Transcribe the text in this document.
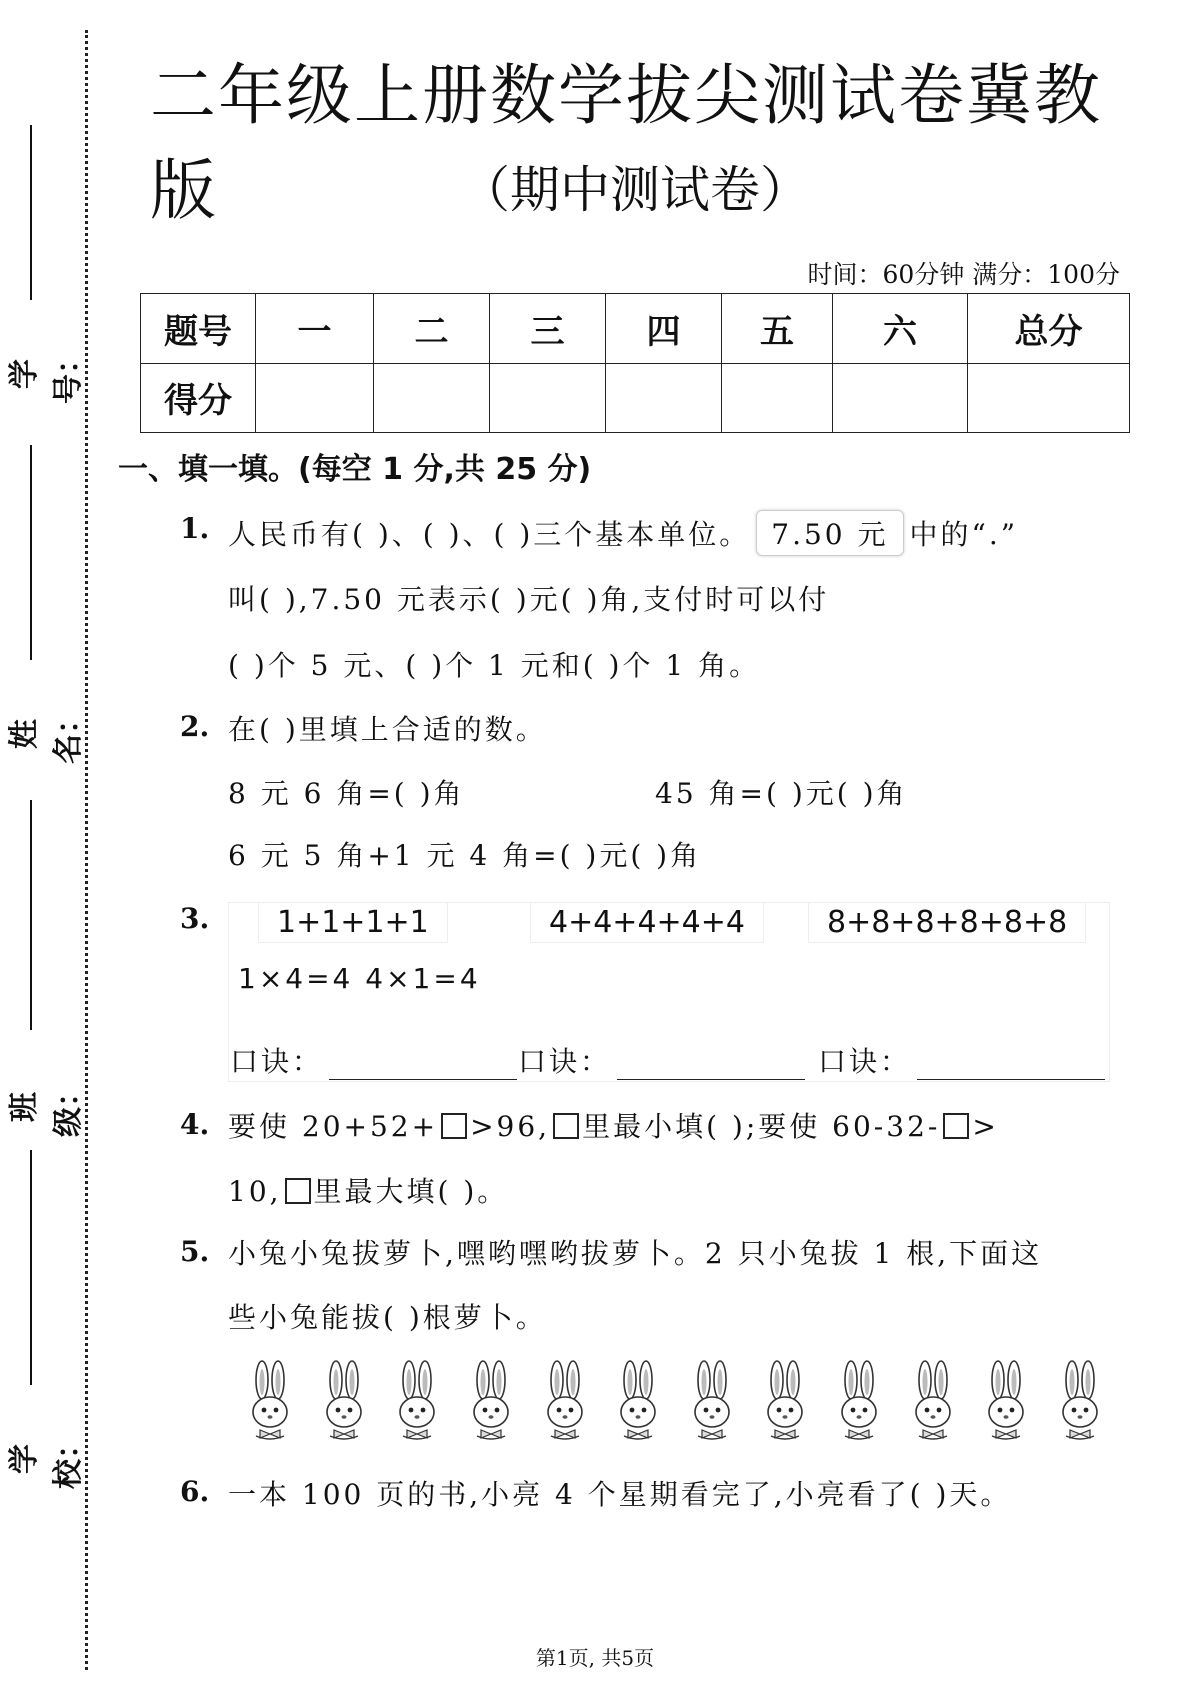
学号：
姓名：
班级：
学校：
二年级上册数学拔尖测试卷冀教版	（期中测试卷）
时间：60分钟 满分：100分
题号	一	二	三	四	五	六	总分
得分							
一、填一填。(每空 1 分,共 25 分)
1. 人民币有( )、( )、( )三个基本单位。 7.50 元 中的“.”
叫( ),7.50 元表示( )元( )角,支付时可以付
( )个 5 元、( )个 1 元和( )个 1 角。
2. 在( )里填上合适的数。
8 元 6 角=( )角	45 角=( )元( )角
6 元 5 角+1 元 4 角=( )元( )角
3.	1+1+1+1	4+4+4+4+4	8+8+8+8+8+8
1×4=4 4×1=4
口诀：	口诀：	口诀：
4. 要使 20+52+ >96, 里最小填( );要使 60-32- >
10, 里最大填( )。
5. 小兔小兔拔萝卜,嘿哟嘿哟拔萝卜。2 只小兔拔 1 根,下面这
些小兔能拔( )根萝卜。
6. 一本 100 页的书,小亮 4 个星期看完了,小亮看了( )天。
第1页, 共5页
